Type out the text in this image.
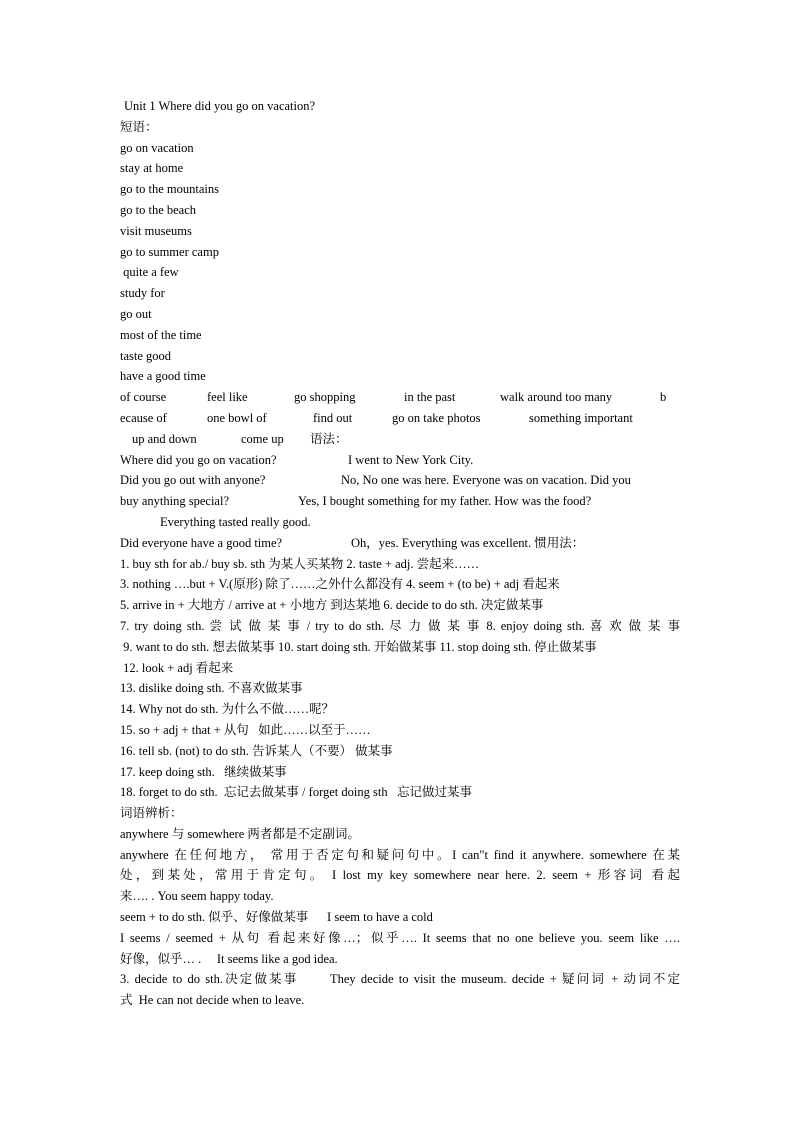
Unit 1 Where did you go on vacation?
短语：
go on vacation
stay at home
go to the mountains
go to the beach
visit museums
go to summer camp
quite a few
study for
go out
most of the time
taste good
have a good time
of course	feel like	go shopping	in the past	walk around too many	b
ecause of	one bowl of	find out	go on take photos	something important
up and down	come up	语法：
Where did you go on vacation?	I went to New York City.
Did you go out with anyone?	No, No one was here. Everyone was on vacation. Did you
buy anything special?	Yes, I bought something for my father. How was the food?
Everything tasted really good.
Did everyone have a good time?	Oh，yes. Everything was excellent. 惯用法：
1. buy sth for ab./ buy sb. sth 为某人买某物 2. taste + adj. 尝起来……
3. nothing ….but + V.(原形) 除了……之外什么都没有 4. seem + (to be) + adj 看起来
5. arrive in + 大地方 / arrive at + 小地方 到达某地 6. decide to do sth. 决定做某事
7. try doing sth. 尝 试 做 某 事 / try to do sth. 尽 力 做 某 事 8. enjoy doing sth. 喜 欢 做 某 事
9. want to do sth. 想去做某事 10. start doing sth. 开始做某事 11. stop doing sth. 停止做某事
12. look + adj 看起来
13. dislike doing sth. 不喜欢做某事
14. Why not do sth. 为什么不做……呢？
15. so + adj + that + 从句   如此……以至于……
16. tell sb. (not) to do sth. 告诉某人（不要） 做某事
17. keep doing sth.   继续做某事
18. forget to do sth.  忘记去做某事 / forget doing sth   忘记做过某事
词语辨析：
anywhere 与 somewhere 两者都是不定副词。
anywhere 在任何地方， 常用于否定句和疑问句中。I can"t find it anywhere. somewhere 在某
处，到某处，常用于肯定句。 I lost my key somewhere near here. 2. seem + 形容词 看起
来…. . You seem happy today.
seem + to do sth. 似乎、好像做某事      I seem to have a cold
I seems / seemed + 从句 看起来好像…；似乎…. It seems that no one believe you. seem like ….
好像，似乎… .     It seems like a god idea.
3. decide to do sth.决定做某事      They decide to visit the museum. decide + 疑问词 + 动词不定
式  He can not decide when to leave.
